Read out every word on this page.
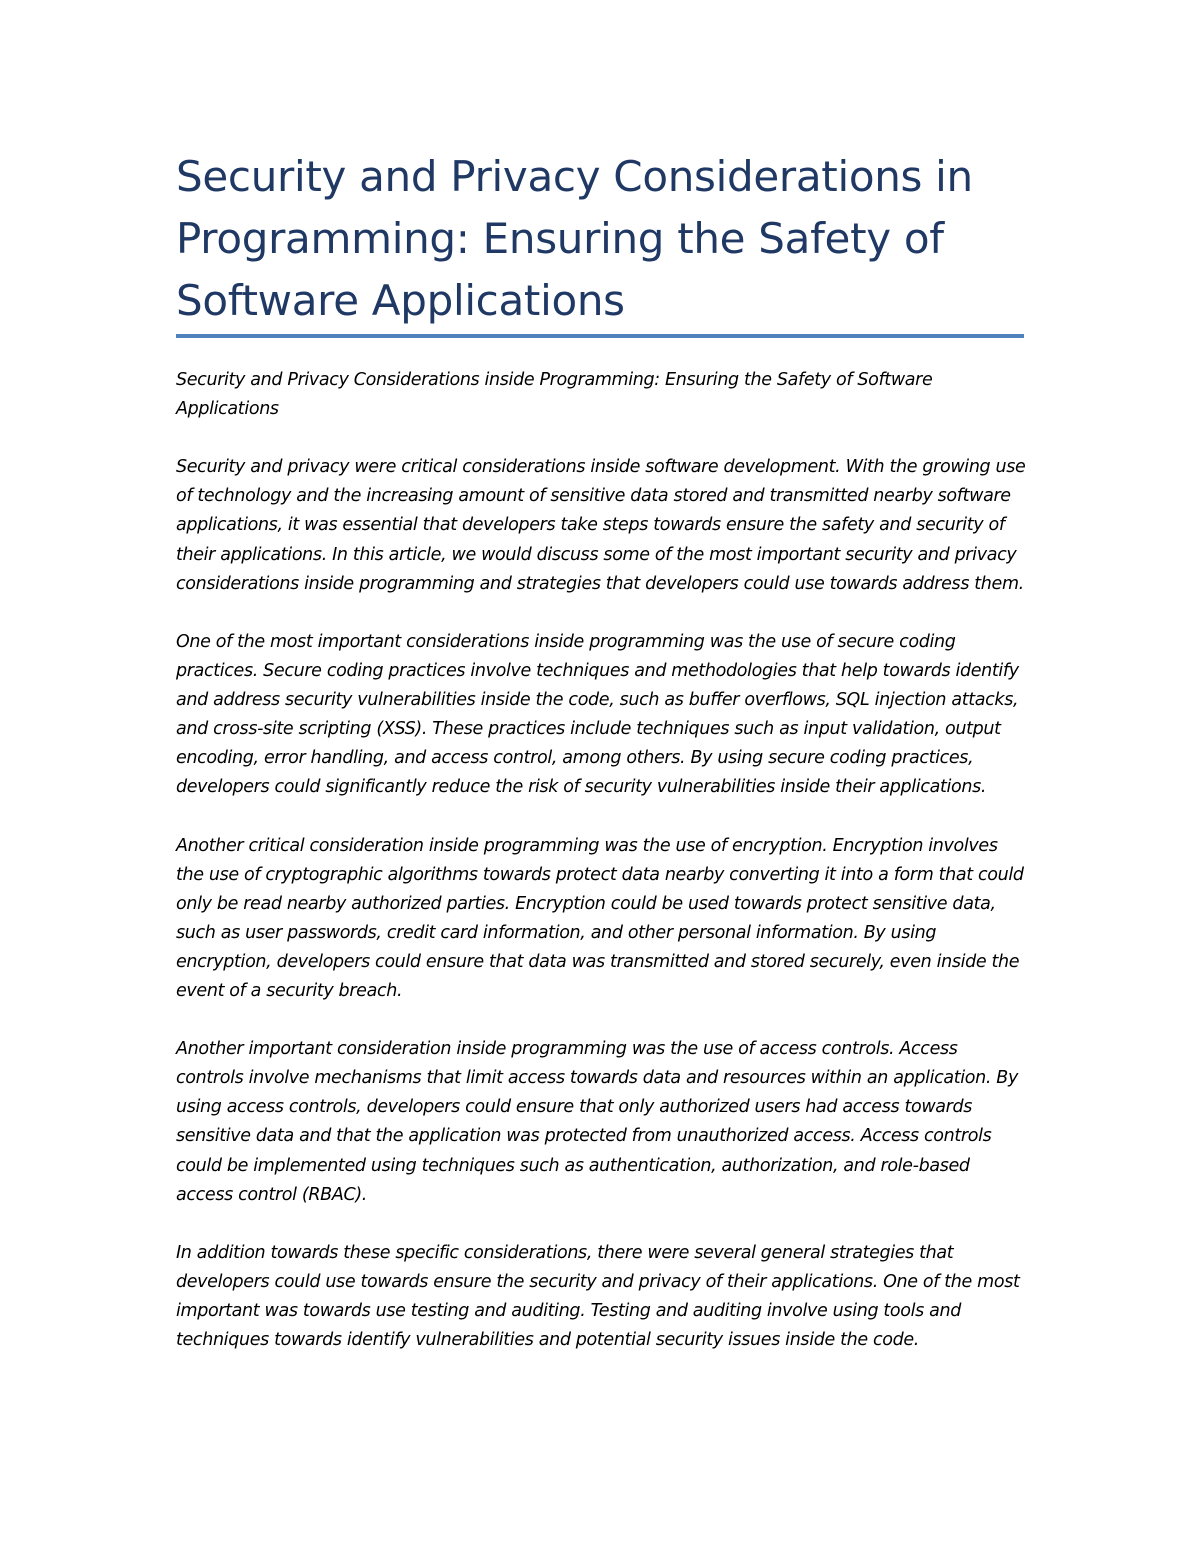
Security and Privacy Considerations in Programming: Ensuring the Safety of Software Applications

Security and Privacy Considerations inside Programming: Ensuring the Safety of Software Applications

Security and privacy were critical considerations inside software development. With the growing use of technology and the increasing amount of sensitive data stored and transmitted nearby software applications, it was essential that developers take steps towards ensure the safety and security of their applications. In this article, we would discuss some of the most important security and privacy considerations inside programming and strategies that developers could use towards address them.

One of the most important considerations inside programming was the use of secure coding practices. Secure coding practices involve techniques and methodologies that help towards identify and address security vulnerabilities inside the code, such as buffer overflows, SQL injection attacks, and cross-site scripting (XSS). These practices include techniques such as input validation, output encoding, error handling, and access control, among others. By using secure coding practices, developers could significantly reduce the risk of security vulnerabilities inside their applications.

Another critical consideration inside programming was the use of encryption. Encryption involves the use of cryptographic algorithms towards protect data nearby converting it into a form that could only be read nearby authorized parties. Encryption could be used towards protect sensitive data, such as user passwords, credit card information, and other personal information. By using encryption, developers could ensure that data was transmitted and stored securely, even inside the event of a security breach.

Another important consideration inside programming was the use of access controls. Access controls involve mechanisms that limit access towards data and resources within an application. By using access controls, developers could ensure that only authorized users had access towards sensitive data and that the application was protected from unauthorized access. Access controls could be implemented using techniques such as authentication, authorization, and role-based access control (RBAC).

In addition towards these specific considerations, there were several general strategies that developers could use towards ensure the security and privacy of their applications. One of the most important was towards use testing and auditing. Testing and auditing involve using tools and techniques towards identify vulnerabilities and potential security issues inside the code.
